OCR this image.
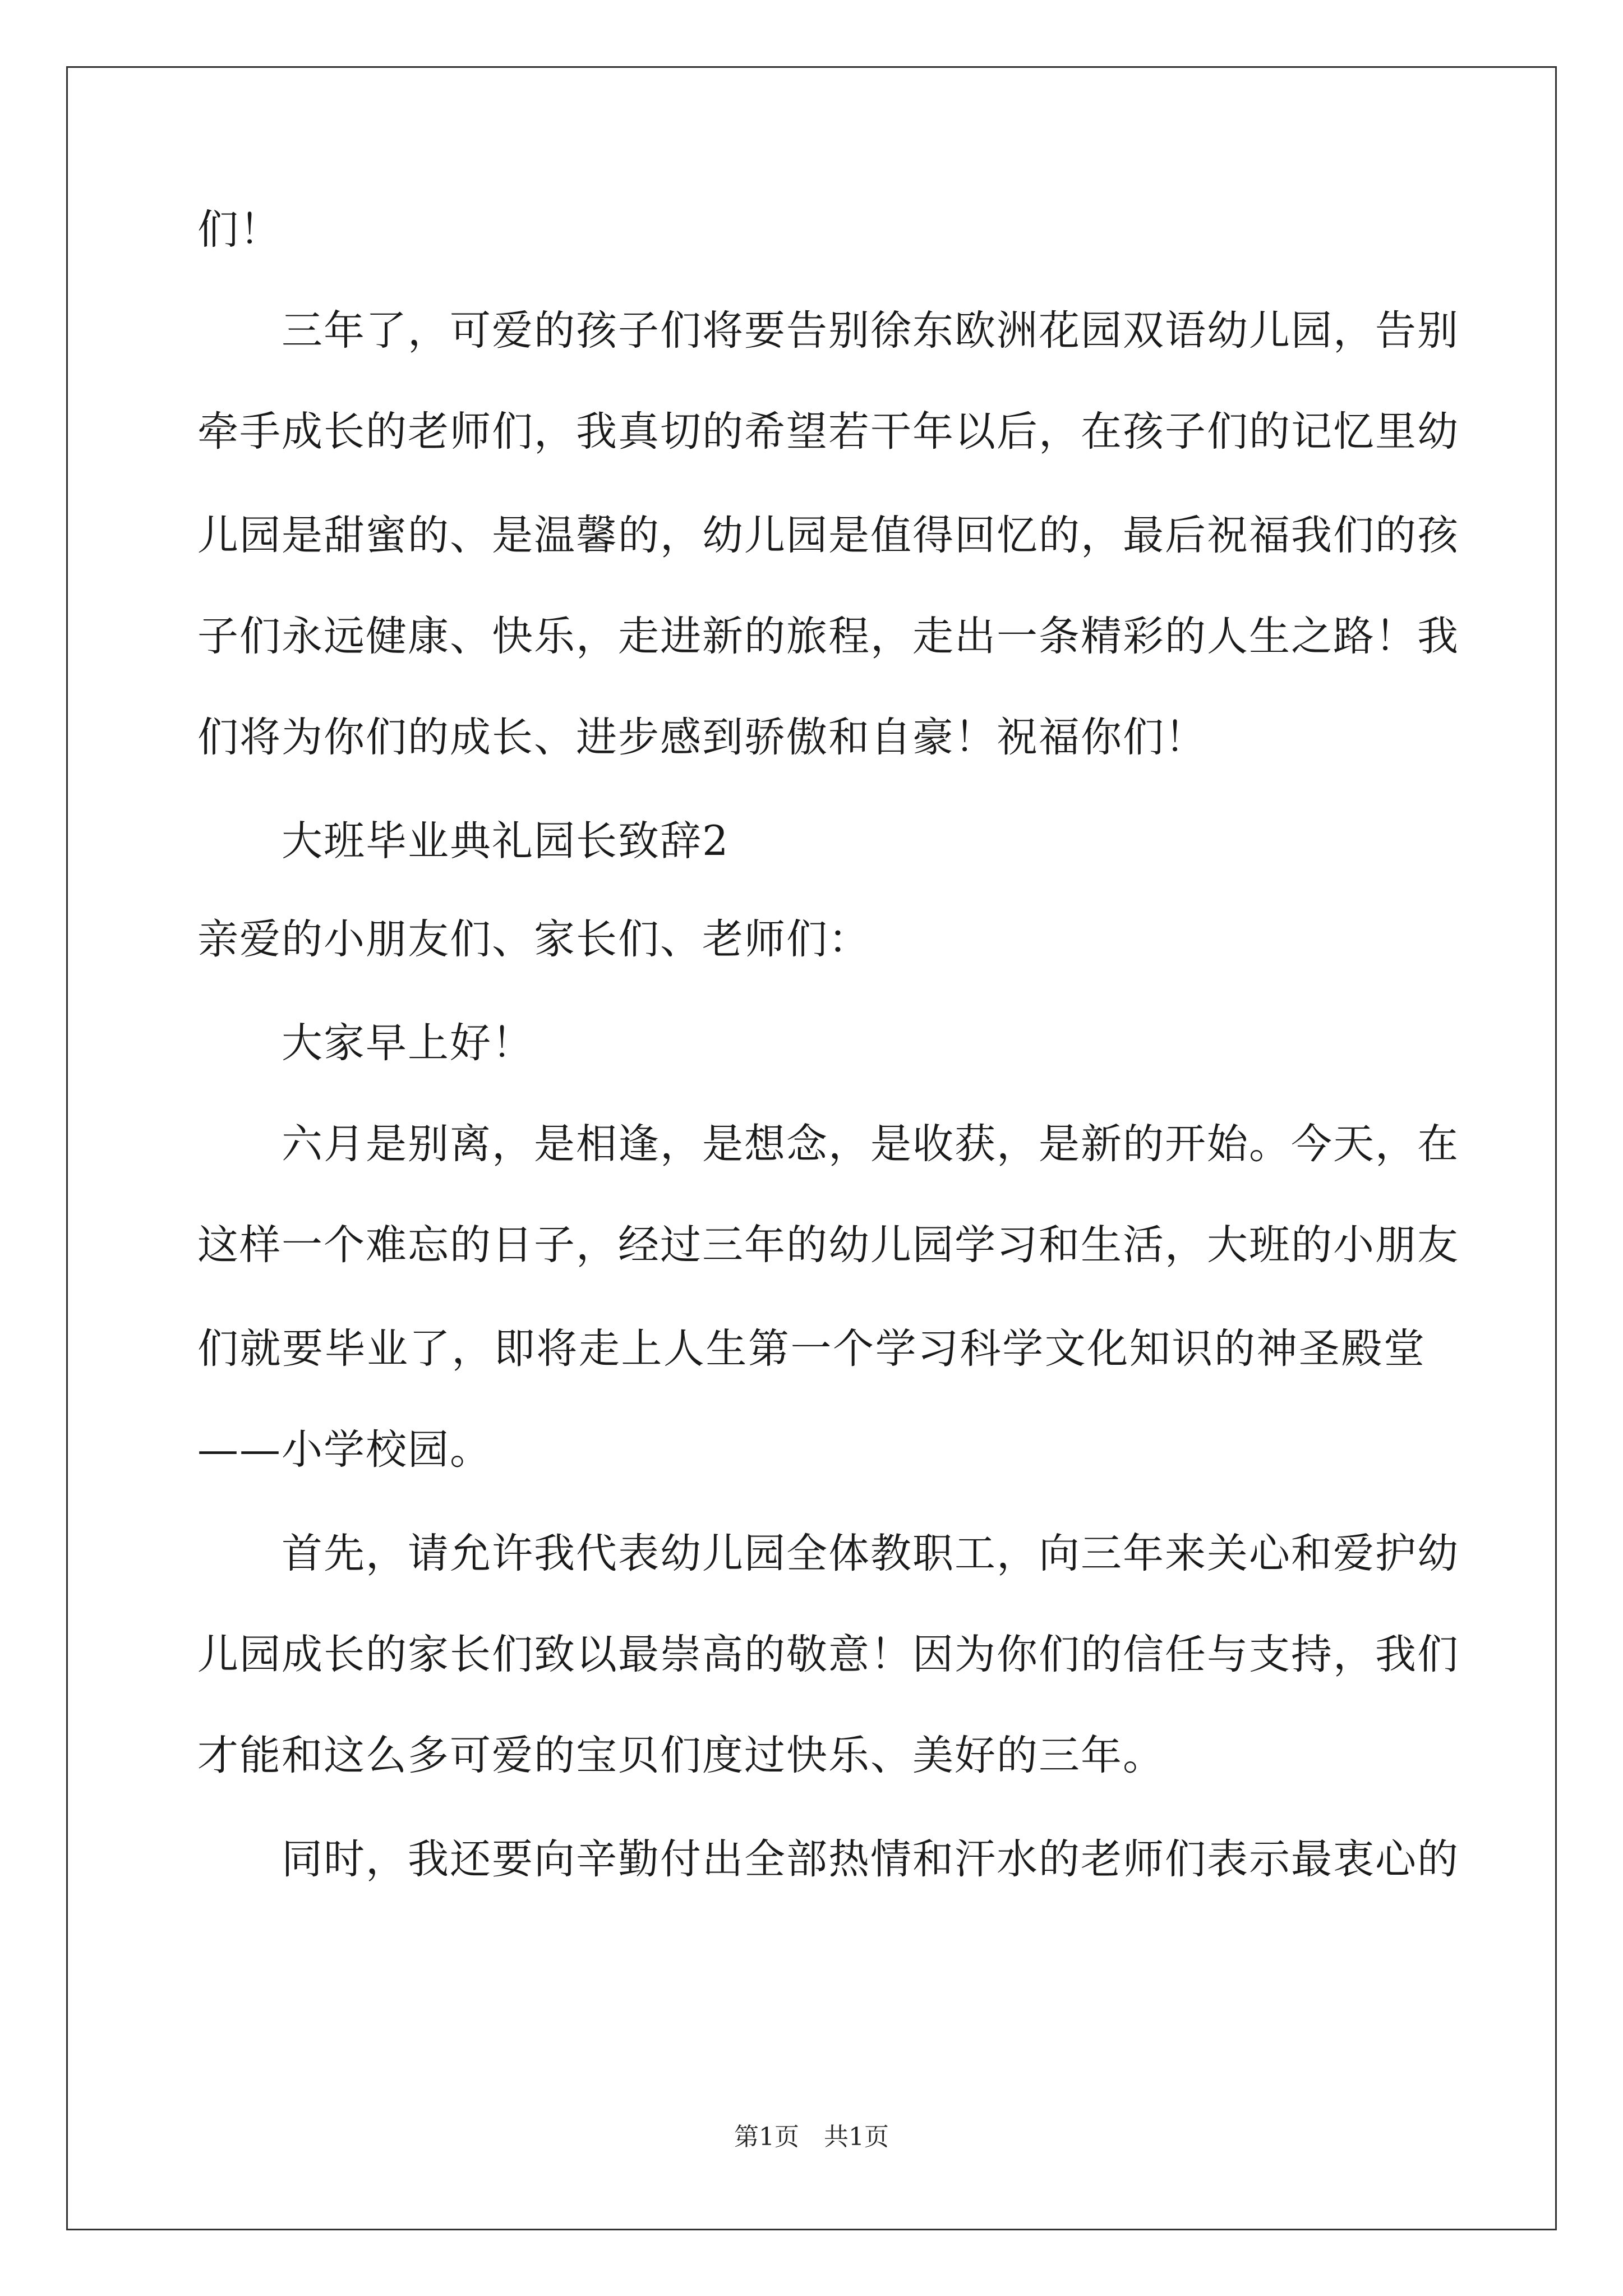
们！
　　三年了，可爱的孩子们将要告别徐东欧洲花园双语幼儿园，告别
牵手成长的老师们，我真切的希望若干年以后，在孩子们的记忆里幼
儿园是甜蜜的、是温馨的，幼儿园是值得回忆的，最后祝福我们的孩
子们永远健康、快乐，走进新的旅程，走出一条精彩的人生之路！我
们将为你们的成长、进步感到骄傲和自豪！祝福你们！
　　大班毕业典礼园长致辞2
亲爱的小朋友们、家长们、老师们：
　　大家早上好！
　　六月是别离，是相逢，是想念，是收获，是新的开始。今天，在
这样一个难忘的日子，经过三年的幼儿园学习和生活，大班的小朋友
们就要毕业了，即将走上人生第一个学习科学文化知识的神圣殿堂
——小学校园。
　　首先，请允许我代表幼儿园全体教职工，向三年来关心和爱护幼
儿园成长的家长们致以最崇高的敬意！因为你们的信任与支持，我们
才能和这么多可爱的宝贝们度过快乐、美好的三年。
　　同时，我还要向辛勤付出全部热情和汗水的老师们表示最衷心的
第1页　共1页
